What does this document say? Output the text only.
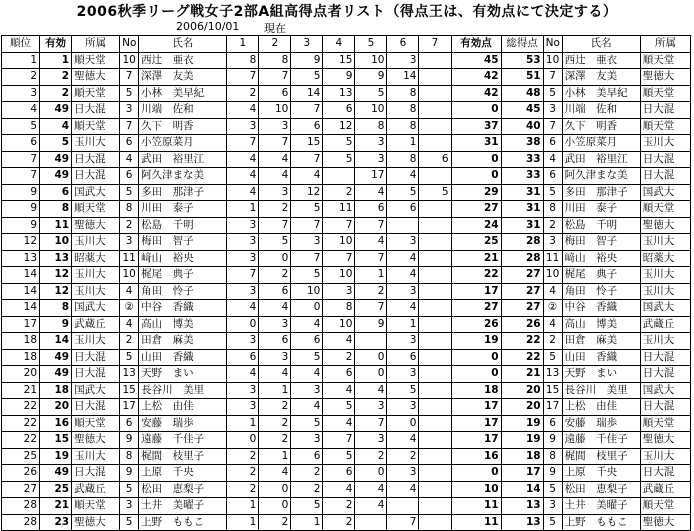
2006秋季リーグ戦女子2部A組高得点者リスト（得点王は、有効点にて決定する）
2006/10/01 現在
順位	有効	所属	No	氏名	1	2	3	4	5	6	7	有効点	総得点	No	氏名	所属
1	1	順天堂	10	西辻　亜衣	8	8	9	15	10	3		45	53	10	西辻　亜衣	順天堂
2	2	聖徳大	7	深澤　友美	7	7	5	9	9	14		42	51	7	深澤　友美	聖徳大
3	2	順天堂	5	小林　美早紀	2	6	14	13	5	8		42	48	5	小林　美早紀	順天堂
4	49	日大混	3	川端　佐和	4	10	7	6	10	8		0	45	3	川端　佐和	日大混
5	4	順天堂	7	久下　明香	3	3	6	12	8	8		37	40	7	久下　明香	順天堂
6	5	玉川大	6	小笠原菜月	7	7	15	5	3	1		31	38	6	小笠原菜月	玉川大
7	49	日大混	4	武田　裕里江	4	4	7	5	3	8	6	0	33	4	武田　裕里江	日大混
7	49	日大混	6	阿久津まな美	4	4	4		17	4		0	33	6	阿久津まな美	日大混
9	6	国武大	5	多田　那津子	4	3	12	2	4	5	5	29	31	5	多田　那津子	国武大
9	8	順天堂	8	川田　泰子	1	2	5	11	6	6		27	31	8	川田　泰子	順天堂
9	11	聖徳大	2	松島　千明	3	7	7	7	7			24	31	2	松島　千明	聖徳大
12	10	玉川大	3	梅田　智子	3	5	3	10	4	3		25	28	3	梅田　智子	玉川大
13	13	昭薬大	11	﨑山　裕央	3	0	7	7	7	4		21	28	11	﨑山　裕央	昭薬大
14	12	玉川大	10	梶尾　典子	7	2	5	10	1	4		22	27	10	梶尾　典子	玉川大
14	12	玉川大	4	角田　怜子	3	6	10	3	2	3		17	27	4	角田　怜子	玉川大
14	8	国武大	②	中谷　香織	4	4	0	8	7	4		27	27	②	中谷　香織	国武大
17	9	武蔵丘	4	高山　博美	0	3	4	10	9	1		26	26	4	高山　博美	武蔵丘
18	14	玉川大	2	田倉　麻美	3	6	6	4		3		19	22	2	田倉　麻美	玉川大
18	49	日大混	5	山田　香織	6	3	5	2	0	6		0	22	5	山田　香織	日大混
20	49	日大混	13	天野　まい	4	4	4	6	0	3		0	21	13	天野　まい	日大混
21	18	国武大	15	長谷川　美里	3	1	3	4	4	5		18	20	15	長谷川　美里	国武大
22	20	日大混	17	上松　由佳	3	2	4	5	3	3		17	20	17	上松　由佳	日大混
22	16	順天堂	6	安藤　瑞歩	1	2	5	4	7	0		17	19	6	安藤　瑞歩	順天堂
22	15	聖徳大	9	遠藤　千佳子	0	2	3	7	3	4		17	19	9	遠藤　千佳子	聖徳大
25	19	玉川大	8	梶間　枝里子	2	1	6	5	2	2		16	18	8	梶間　枝里子	玉川大
26	49	日大混	9	上原　千央	2	4	2	6	0	3		0	17	9	上原　千央	日大混
27	25	武蔵丘	5	松田　恵梨子	2	0	2	4	4	4		10	14	5	松田　恵梨子	武蔵丘
28	21	順天堂	3	土井　美曜子	1	0	5	2	4			11	13	3	土井　美曜子	順天堂
28	23	聖徳大	5	上野　ももこ	1	2	1	2		7		11	13	5	上野　ももこ	聖徳大
